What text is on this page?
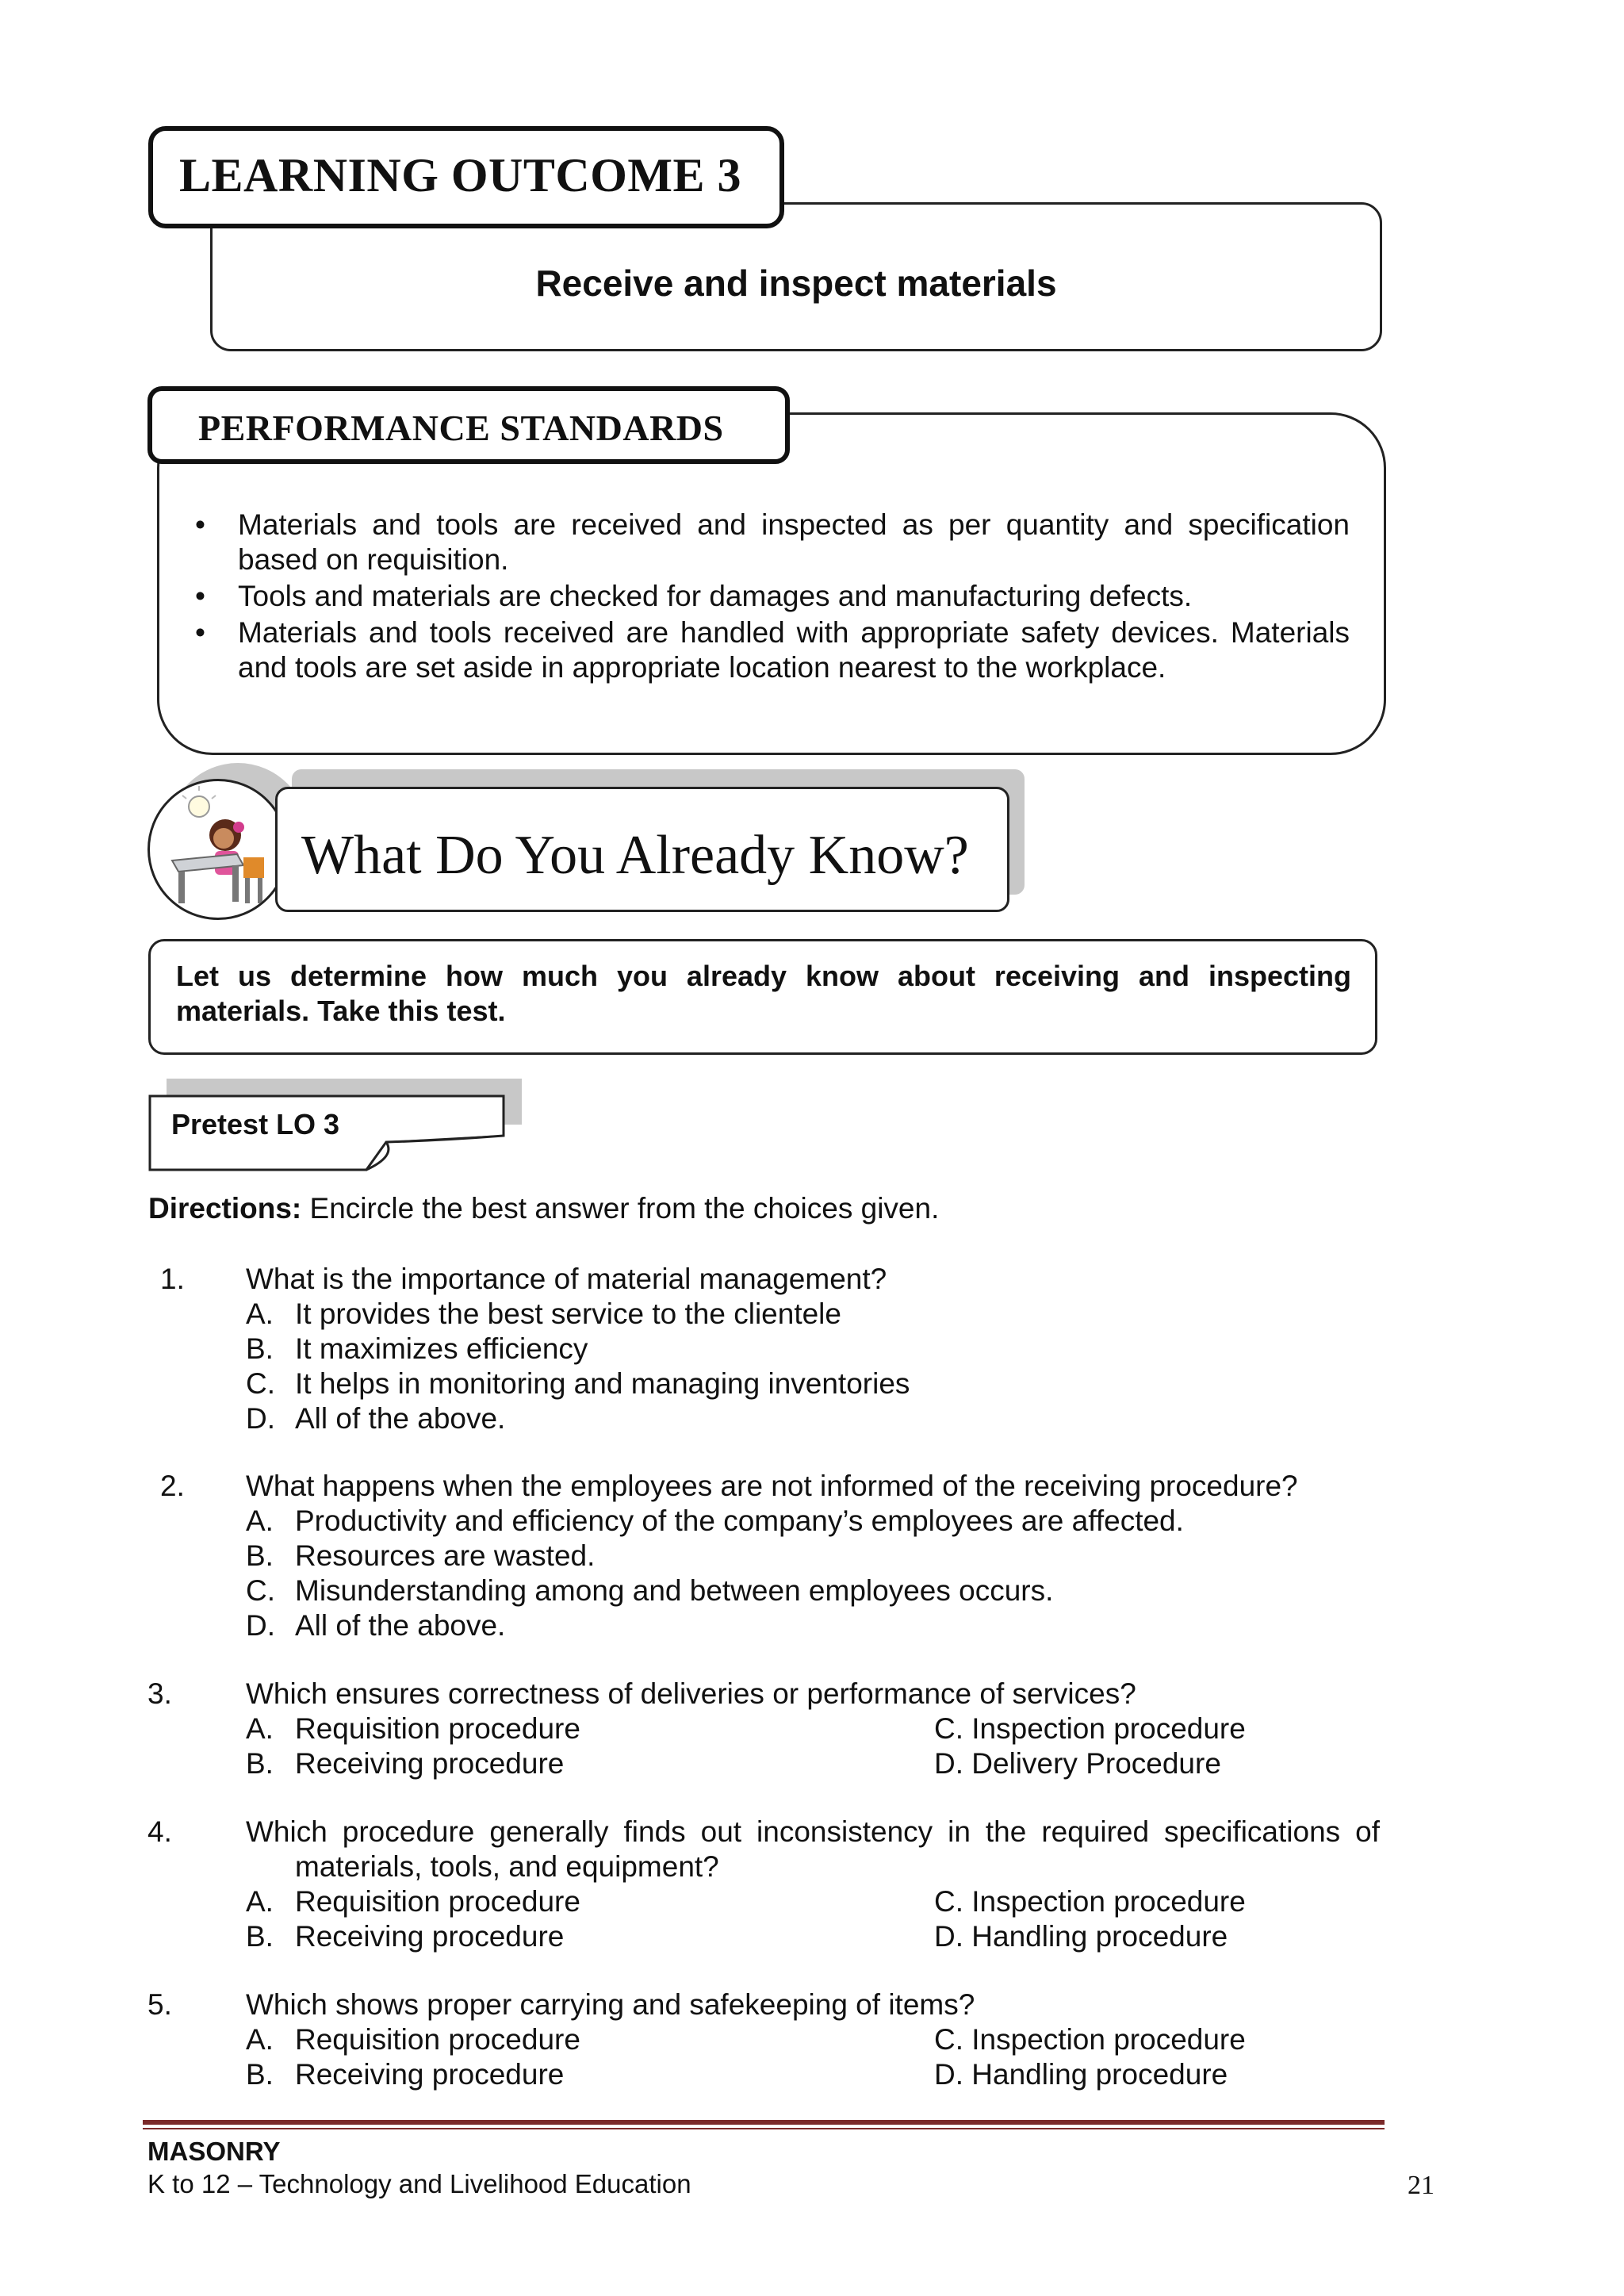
Receive and inspect materials
LEARNING OUTCOME 3
PERFORMANCE STANDARDS
• Materials and tools are received and inspected as per quantity and specification based on requisition.
• Tools and materials are checked for damages and manufacturing defects.
• Materials and tools received are handled with appropriate safety devices. Materials and tools are set aside in appropriate location nearest to the workplace.
What Do You Already Know?
Let us determine how much you already know about receiving and inspecting materials. Take this test.
Pretest LO 3
Directions: Encircle the best answer from the choices given.
1. What is the importance of material management?
A. It provides the best service to the clientele
B. It maximizes efficiency
C. It helps in monitoring and managing inventories
D. All of the above.
2. What happens when the employees are not informed of the receiving procedure?
A. Productivity and efficiency of the company’s employees are affected.
B. Resources are wasted.
C. Misunderstanding among and between employees occurs.
D. All of the above.
3.	Which ensures correctness of deliveries or performance of services?
A. Requisition procedure	C. Inspection procedure
B. Receiving procedure	D. Delivery Procedure
4.	Which procedure generally finds out inconsistency in the required specifications of
materials, tools, and equipment?
A. Requisition procedure	C. Inspection procedure
B. Receiving procedure	D. Handling procedure
5.	Which shows proper carrying and safekeeping of items?
A. Requisition procedure	C. Inspection procedure
B. Receiving procedure	D. Handling procedure
MASONRY
K to 12 – Technology and Livelihood Education	21
